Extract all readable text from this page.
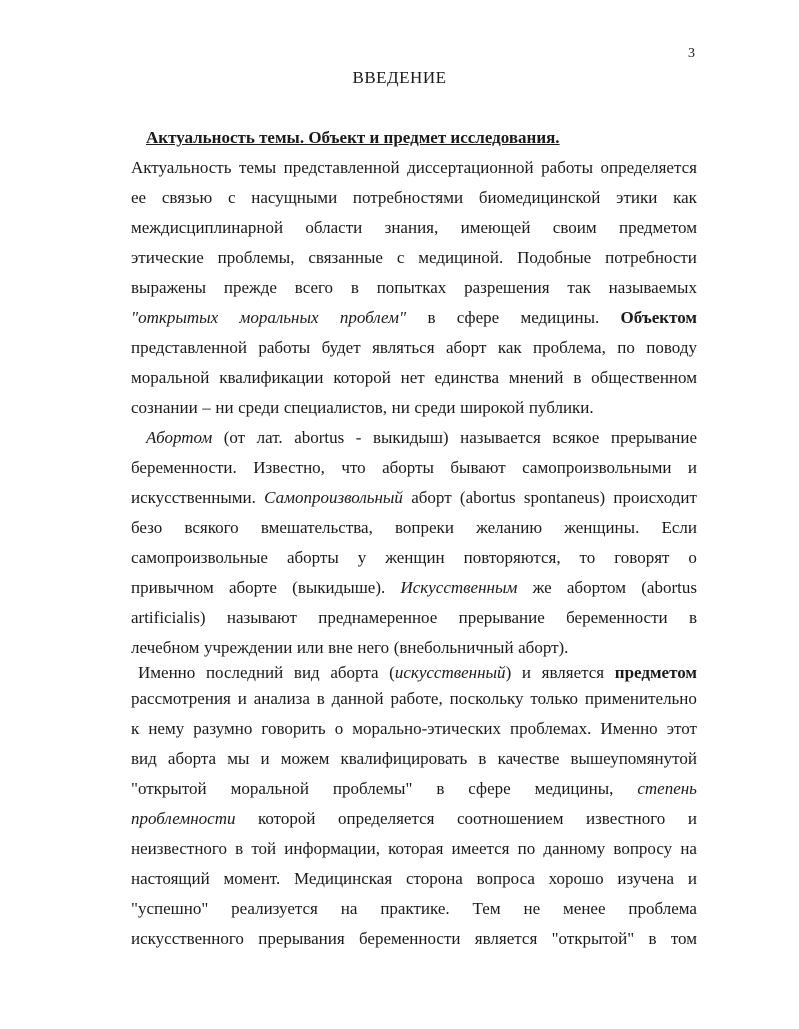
3
ВВЕДЕНИЕ
Актуальность темы. Объект и предмет исследования.
Актуальность темы представленной диссертационной работы определяется
ее связью с насущными потребностями биомедицинской этики как
междисциплинарной области знания, имеющей своим предметом
этические проблемы, связанные с медициной. Подобные потребности
выражены прежде всего в попытках разрешения так называемых
"открытых моральных проблем" в сфере медицины. Объектом
представленной работы будет являться аборт как проблема, по поводу
моральной квалификации которой нет единства мнений в общественном
сознании – ни среди специалистов, ни среди широкой публики.
Абортом (от лат. abortus - выкидыш) называется всякое прерывание
беременности. Известно, что аборты бывают самопроизвольными и
искусственными. Самопроизвольный аборт (abortus spontaneus) происходит
безо всякого вмешательства, вопреки желанию женщины. Если
самопроизвольные аборты у женщин повторяются, то говорят о
привычном аборте (выкидыше). Искусственным же абортом (abortus
artificialis) называют преднамеренное прерывание беременности в
лечебном учреждении или вне него (внебольничный аборт).
Именно последний вид аборта (искусственный) и является предметом
рассмотрения и анализа в данной работе, поскольку только применительно
к нему разумно говорить о морально-этических проблемах. Именно этот
вид аборта мы и можем квалифицировать в качестве вышеупомянутой
"открытой моральной проблемы" в сфере медицины, степень
проблемности которой определяется соотношением известного и
неизвестного в той информации, которая имеется по данному вопросу на
настоящий момент. Медицинская сторона вопроса хорошо изучена и
"успешно" реализуется на практике. Тем не менее проблема
искусственного прерывания беременности является "открытой" в том
